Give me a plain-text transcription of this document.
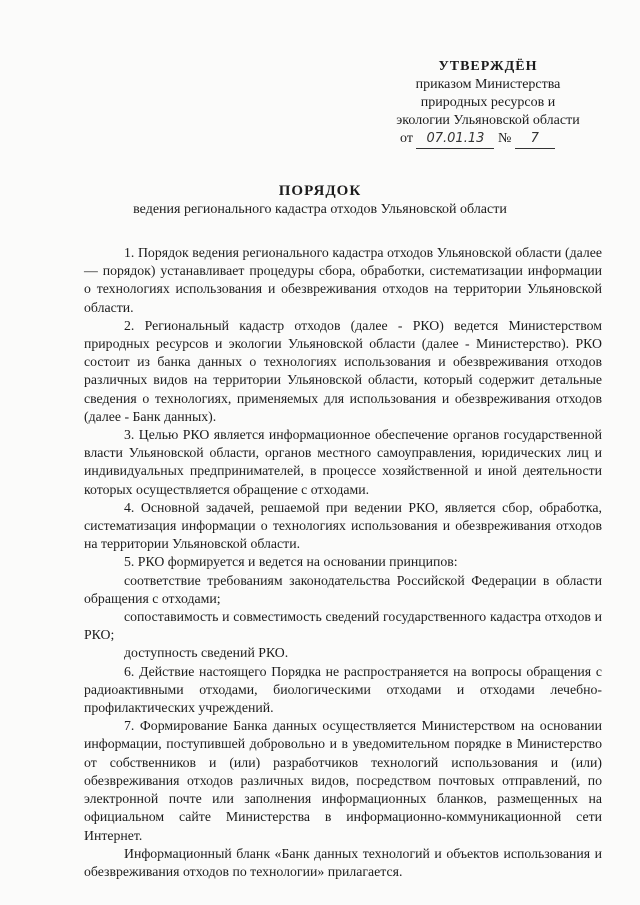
УТВЕРЖДЁН
приказом Министерства
природных ресурсов и
экологии Ульяновской области
от 07.01.13 № 7
ПОРЯДОК
ведения регионального кадастра отходов Ульяновской области

1. Порядок ведения регионального кадастра отходов Ульяновской области (далее — порядок) устанавливает процедуры сбора, обработки, систематизации информации о технологиях использования и обезвреживания отходов на территории Ульяновской области.

2. Региональный кадастр отходов (далее - РКО) ведется Министерством природных ресурсов и экологии Ульяновской области (далее - Министерство). РКО состоит из банка данных о технологиях использования и обезвреживания отходов различных видов на территории Ульяновской области, который содержит детальные сведения о технологиях, применяемых для использования и обезвреживания отходов (далее - Банк данных).

3. Целью РКО является информационное обеспечение органов государственной власти Ульяновской области, органов местного самоуправления, юридических лиц и индивидуальных предпринимателей, в процессе хозяйственной и иной деятельности которых осуществляется обращение с отходами.

4. Основной задачей, решаемой при ведении РКО, является сбор, обработка, систематизация информации о технологиях использования и обезвреживания отходов на территории Ульяновской области.

5. РКО формируется и ведется на основании принципов:

соответствие требованиям законодательства Российской Федерации в области обращения с отходами;

сопоставимость и совместимость сведений государственного кадастра отходов и РКО;

доступность сведений РКО.

6. Действие настоящего Порядка не распространяется на вопросы обращения с радиоактивными отходами, биологическими отходами и отходами лечебно-профилактических учреждений.

7. Формирование Банка данных осуществляется Министерством на основании информации, поступившей добровольно и в уведомительном порядке в Министерство от собственников и (или) разработчиков технологий использования и (или) обезвреживания отходов различных видов, посредством почтовых отправлений, по электронной почте или заполнения информационных бланков, размещенных на официальном сайте Министерства в информационно-коммуникационной сети Интернет.

Информационный бланк «Банк данных технологий и объектов использования и обезвреживания отходов по технологии» прилагается.
